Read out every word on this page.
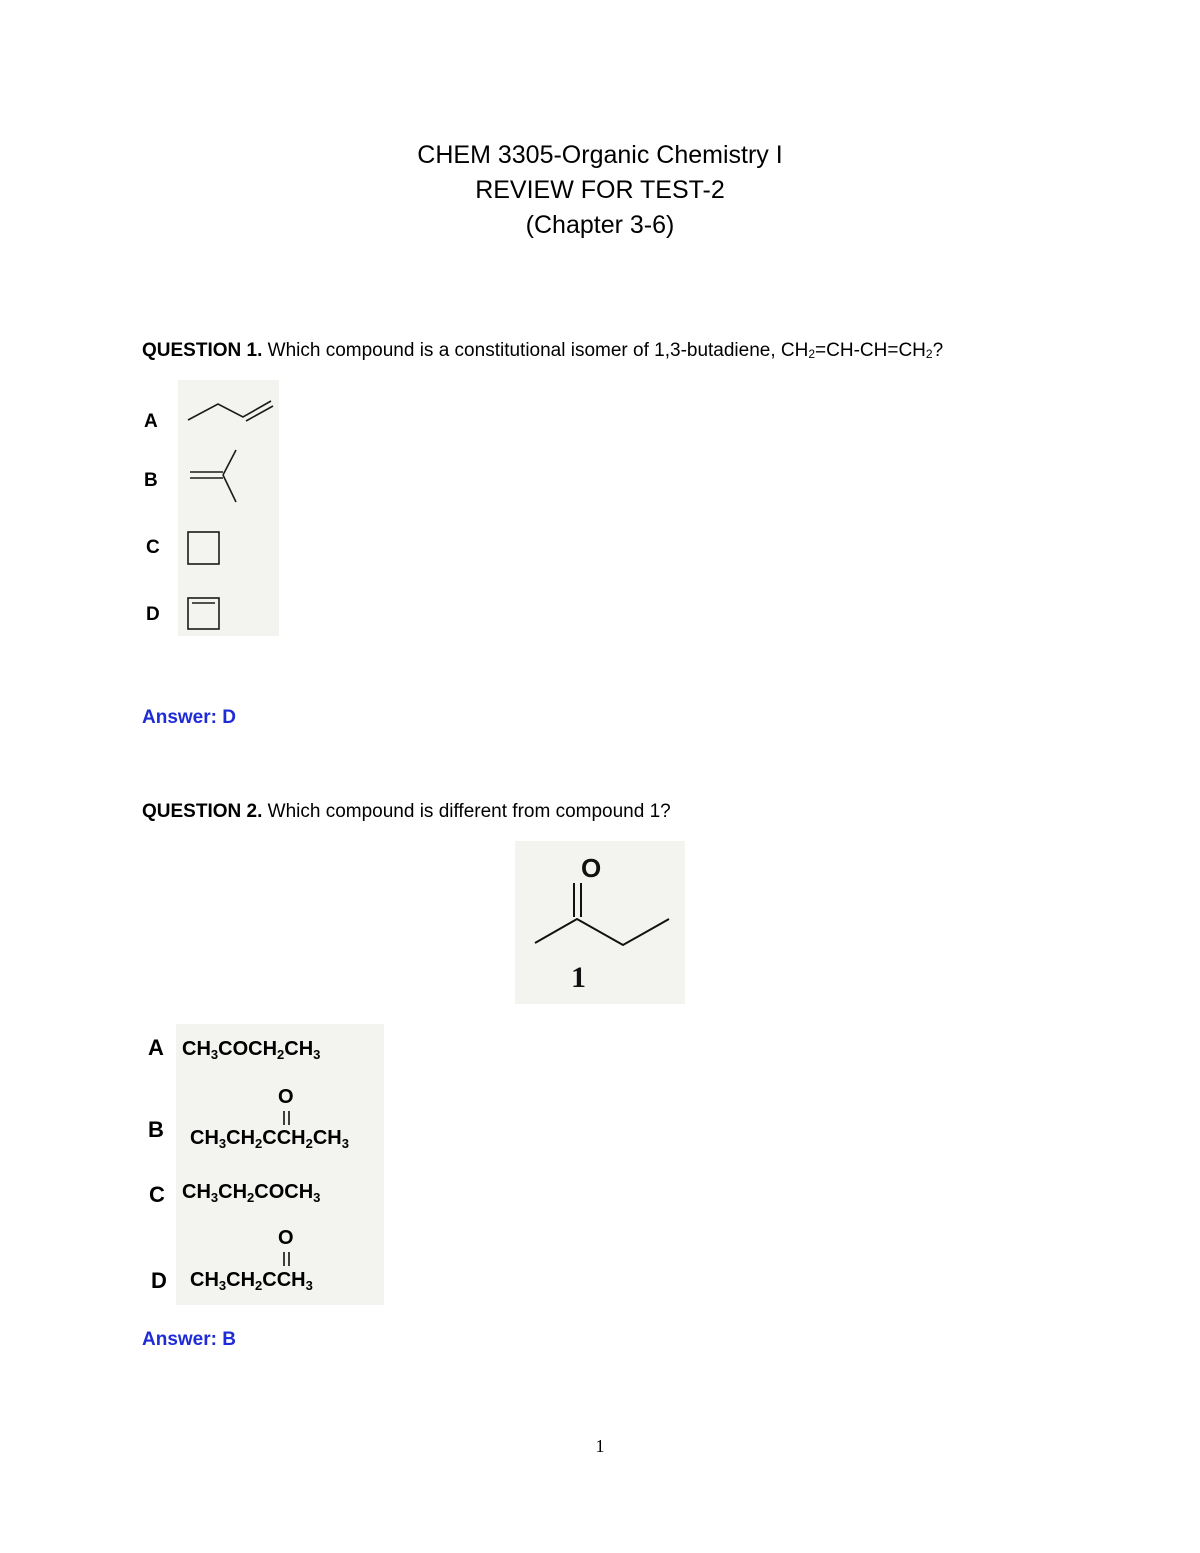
CHEM 3305-Organic Chemistry I
REVIEW FOR TEST-2
(Chapter 3-6)
QUESTION 1. Which compound is a constitutional isomer of 1,3-butadiene, $CH_2=CH-CH=CH_2$?
A
B
C
D
Answer: D
QUESTION 2. Which compound is different from compound 1?
O
1
A
B
C
D
$CH_3COCH_2CH_3$
O
$CH_3CH_2CCH_2CH_3$
$CH_3CH_2COCH_3$
O
$CH_3CH_2CCH_3$
Answer: B
1
